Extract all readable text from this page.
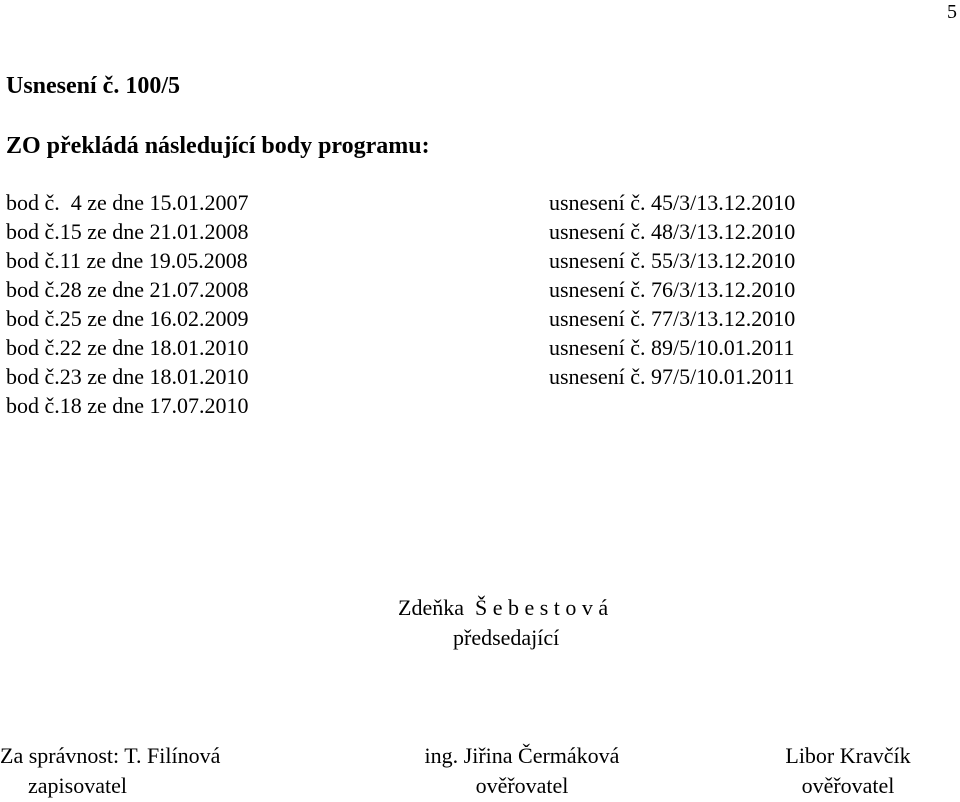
5
Usnesení č. 100/5
ZO překládá následující body programu:
bod č.  4 ze dne 15.01.2007	usnesení č. 45/3/13.12.2010
bod č.15 ze dne 21.01.2008	usnesení č. 48/3/13.12.2010
bod č.11 ze dne 19.05.2008	usnesení č. 55/3/13.12.2010
bod č.28 ze dne 21.07.2008	usnesení č. 76/3/13.12.2010
bod č.25 ze dne 16.02.2009	usnesení č. 77/3/13.12.2010
bod č.22 ze dne 18.01.2010	usnesení č. 89/5/10.01.2011
bod č.23 ze dne 18.01.2010	usnesení č. 97/5/10.01.2011
bod č.18 ze dne 17.07.2010
Zdeňka  Š e b e s t o v á
předsedající
Za správnost: T. Filínová
zapisovatel
ing. Jiřina Čermáková
ověřovatel
Libor Kravčík
ověřovatel
